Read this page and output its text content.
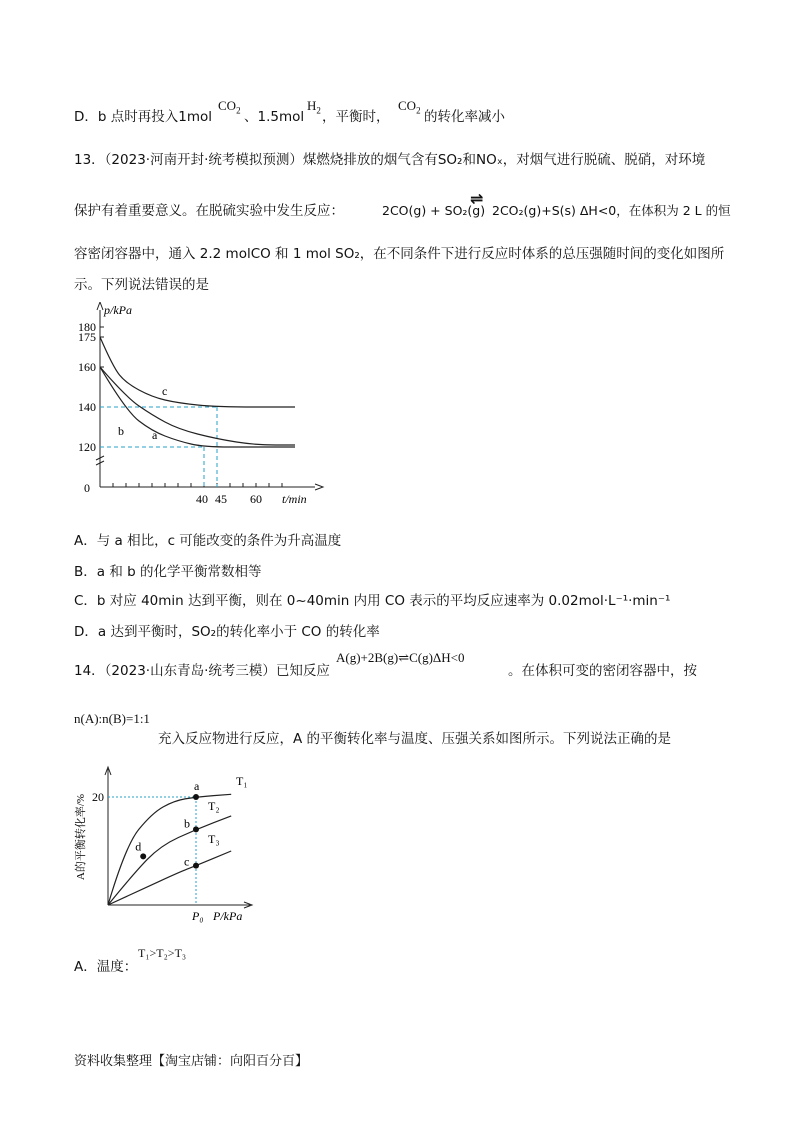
D．b 点时再投入1mol
$CO_2$ 、1.5mol
$H_2$ ，平衡时，
$CO_2$ 的转化率减小
13．（2023·河南开封·统考模拟预测）煤燃烧排放的烟气含有SO₂和NOₓ，对烟气进行脱硫、脱硝，对环境
保护有着重要意义。在脱硫实验中发生反应：	2CO(g) + SO₂(g)
⇌
2CO₂(g)+S(s) ΔH<0，在体积为 2 L 的恒
容密闭容器中，通入 2.2 molCO 和 1 mol SO₂，在不同条件下进行反应时体系的总压强随时间的变化如图所
示。下列说法错误的是
180
175
160
140
120
0
40 45 60 t/min
p/kPa
c
a
b
A．与 a 相比，c 可能改变的条件为升高温度
B．a 和 b 的化学平衡常数相等
C．b 对应 40min 达到平衡，则在 0~40min 内用 CO 表示的平均反应速率为 0.02mol·L⁻¹·min⁻¹
D．a 达到平衡时，SO₂的转化率小于 CO 的转化率
14．（2023·山东青岛·统考三模）已知反应
A(g)+2B(g)⇌C(g)ΔH<0
。在体积可变的密闭容器中，按
n(A):n(B)=1:1
充入反应物进行反应，A 的平衡转化率与温度、压强关系如图所示。下列说法正确的是
20
A的平衡转化率/%
P₀ P/kPa
T₁
T₂
T₃
a
b
c
d
A．温度：
T₁>T₂>T₃
资料收集整理【淘宝店铺：向阳百分百】
